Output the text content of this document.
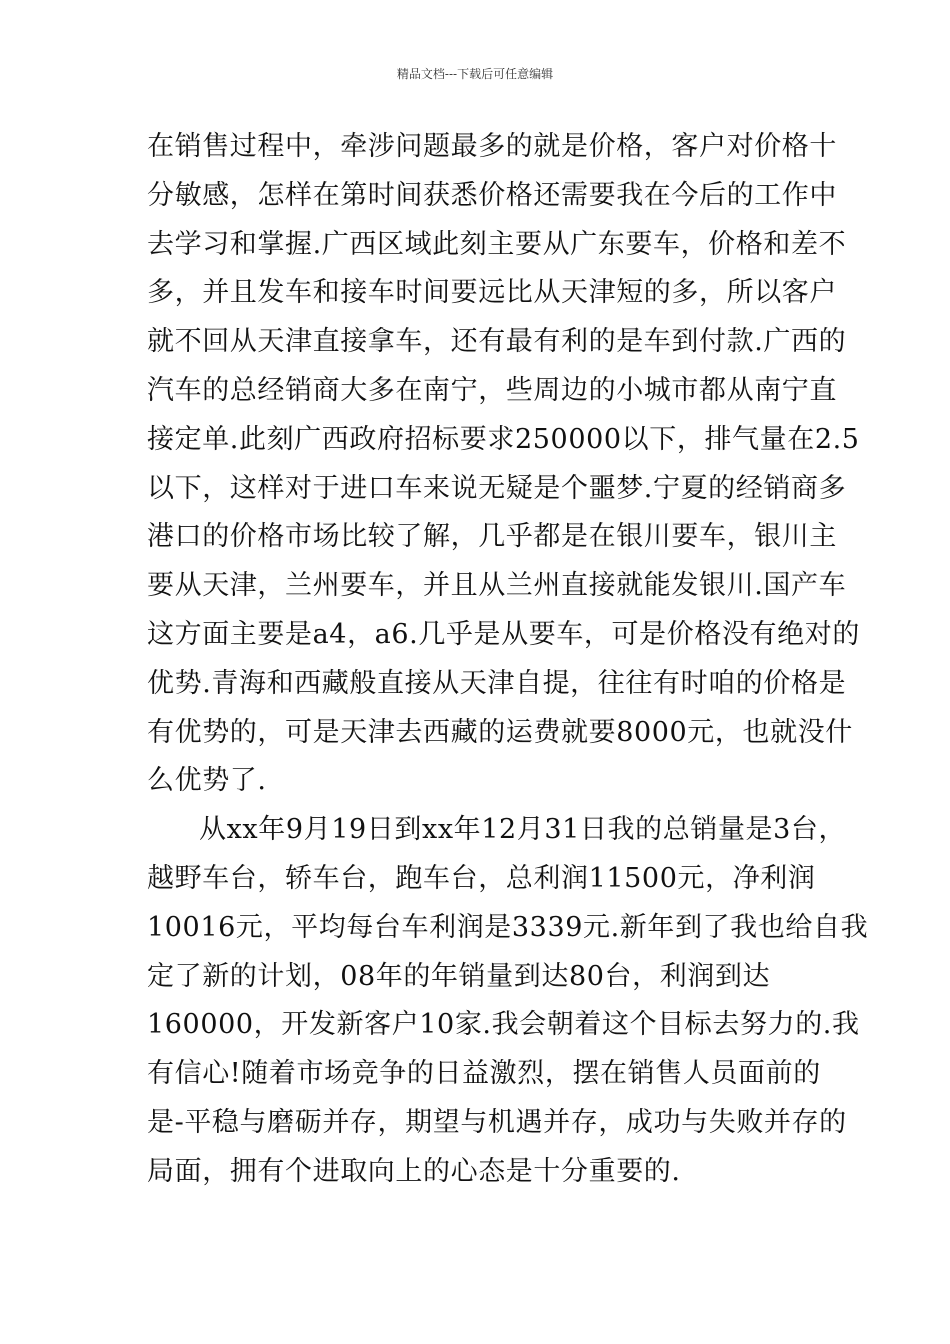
精品文档---下载后可任意编辑
在销售过程中，牵涉问题最多的就是价格，客户对价格十
分敏感，怎样在第时间获悉价格还需要我在今后的工作中
去学习和掌握.广西区域此刻主要从广东要车，价格和差不
多，并且发车和接车时间要远比从天津短的多，所以客户
就不回从天津直接拿车，还有最有利的是车到付款.广西的
汽车的总经销商大多在南宁，些周边的小城市都从南宁直
接定单.此刻广西政府招标要求250000以下，排气量在2.5
以下，这样对于进口车来说无疑是个噩梦.宁夏的经销商多
港口的价格市场比较了解，几乎都是在银川要车，银川主
要从天津，兰州要车，并且从兰州直接就能发银川.国产车
这方面主要是a4，a6.几乎是从要车，可是价格没有绝对的
优势.青海和西藏般直接从天津自提，往往有时咱的价格是
有优势的，可是天津去西藏的运费就要8000元，也就没什
么优势了.
从xx年9月19日到xx年12月31日我的总销量是3台，
越野车台，轿车台，跑车台，总利润11500元，净利润
10016元，平均每台车利润是3339元.新年到了我也给自我
定了新的计划，08年的年销量到达80台，利润到达
160000，开发新客户10家.我会朝着这个目标去努力的.我
有信心!随着市场竞争的日益激烈，摆在销售人员面前的
是-平稳与磨砺并存，期望与机遇并存，成功与失败并存的
局面，拥有个进取向上的心态是十分重要的.
